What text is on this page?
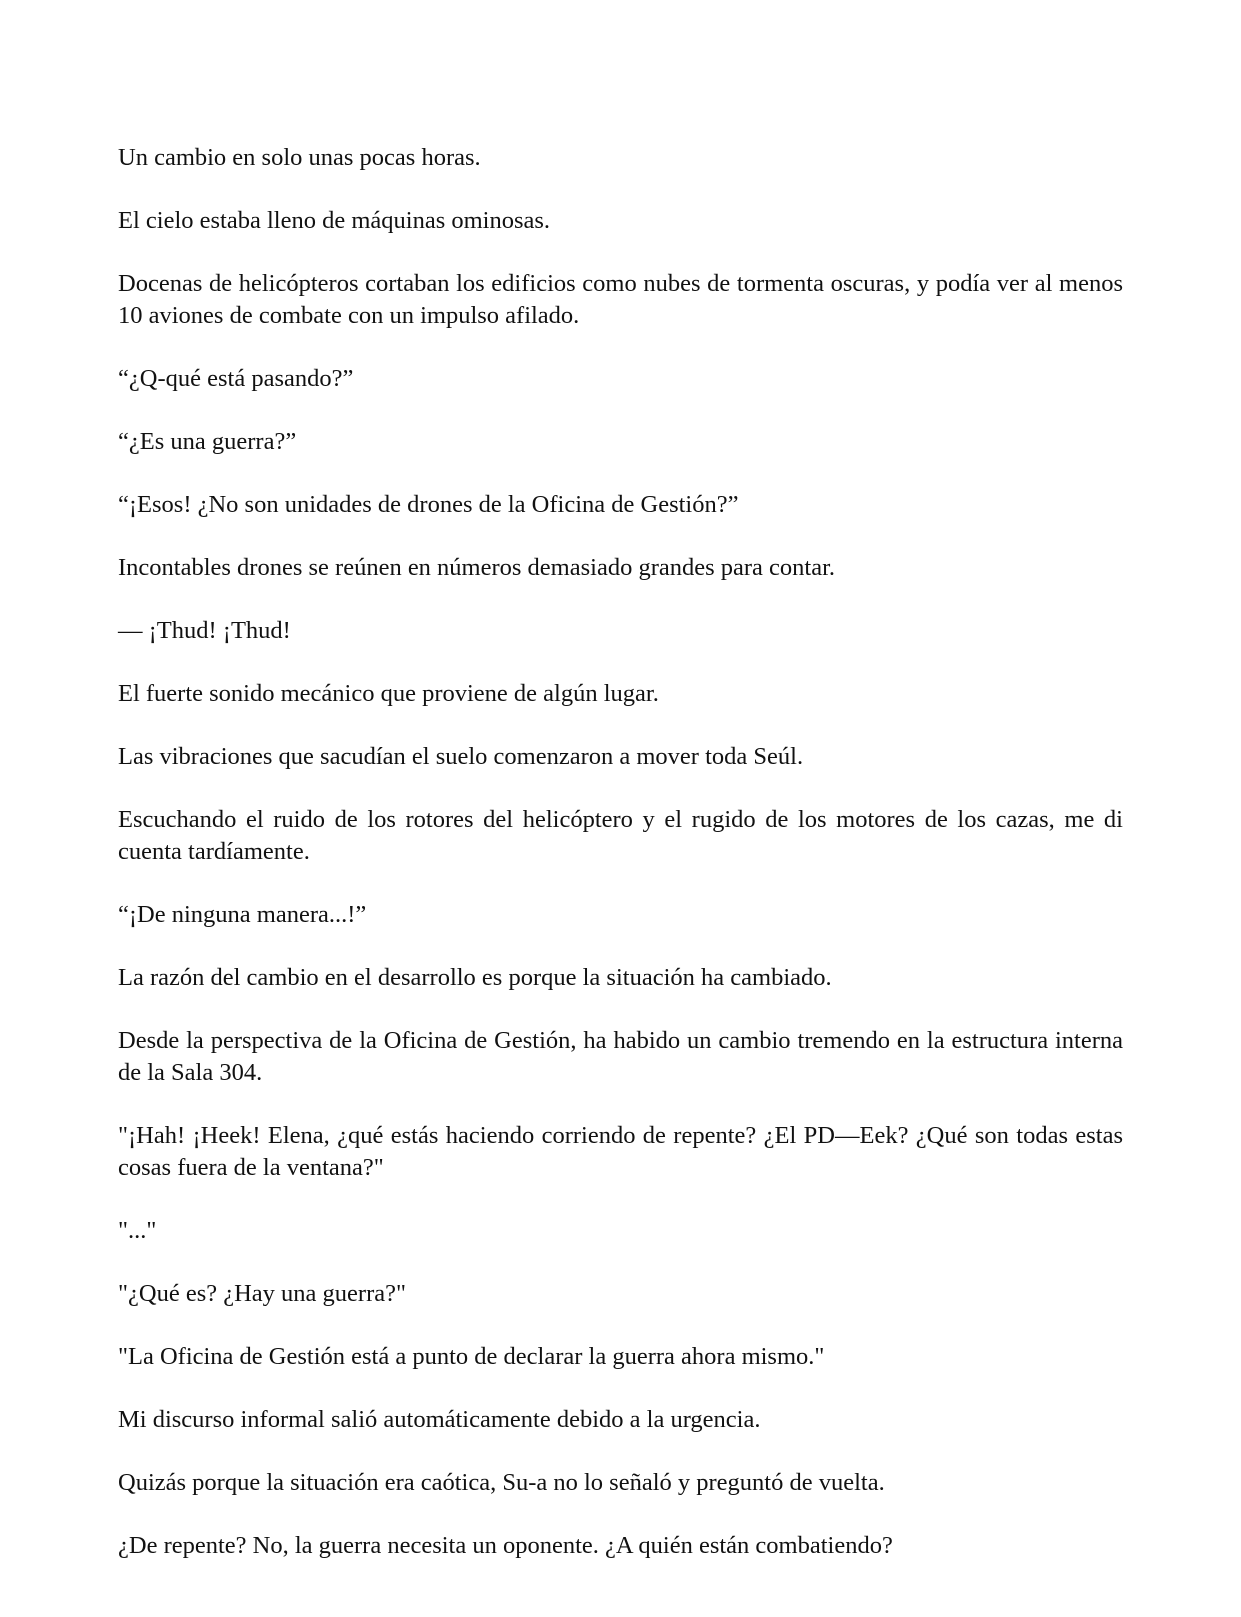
Un cambio en solo unas pocas horas.

El cielo estaba lleno de máquinas ominosas.

Docenas de helicópteros cortaban los edificios como nubes de tormenta oscuras, y podía ver al menos 10 aviones de combate con un impulso afilado.

“¿Q-qué está pasando?”

“¿Es una guerra?”

“¡Esos! ¿No son unidades de drones de la Oficina de Gestión?”

Incontables drones se reúnen en números demasiado grandes para contar.

— ¡Thud! ¡Thud!

El fuerte sonido mecánico que proviene de algún lugar.

Las vibraciones que sacudían el suelo comenzaron a mover toda Seúl.

Escuchando el ruido de los rotores del helicóptero y el rugido de los motores de los cazas, me di cuenta tardíamente.

“¡De ninguna manera...!”

La razón del cambio en el desarrollo es porque la situación ha cambiado.

Desde la perspectiva de la Oficina de Gestión, ha habido un cambio tremendo en la estructura interna de la Sala 304.

"¡Hah! ¡Heek! Elena, ¿qué estás haciendo corriendo de repente? ¿El PD—Eek? ¿Qué son todas estas cosas fuera de la ventana?"

"..."

"¿Qué es? ¿Hay una guerra?"

"La Oficina de Gestión está a punto de declarar la guerra ahora mismo."

Mi discurso informal salió automáticamente debido a la urgencia.

Quizás porque la situación era caótica, Su-a no lo señaló y preguntó de vuelta.

¿De repente? No, la guerra necesita un oponente. ¿A quién están combatiendo?
